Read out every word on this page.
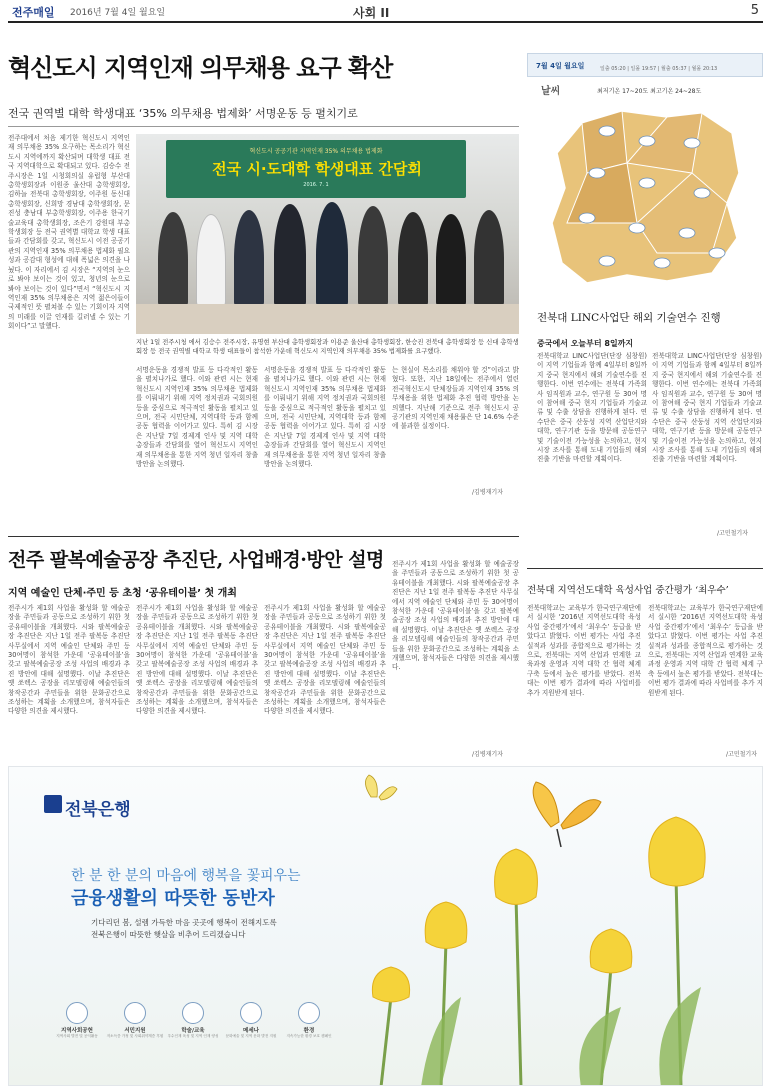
전주매일 2016년 7월 4일 월요일	사회 II	5
혁신도시 지역인재 의무채용 요구 확산
전국 권역별 대학 학생대표 ‘35% 의무채용 법제화’ 서명운동 등 펼치기로
전주대에서 처음 제기한 혁신도시 지역인재 의무채용 35% 요구하는 목소리가 혁신도시 지역에까지 확산되며 대학생 대표 전국 지역대학으로 확대되고 있다. 김승수 전주시장은 1일 시청회의실 유럽형 부산대 총학생회장과 이원종 울산대 총학생회장, 김하늘 전북대 총학생회장, 이주원 동신대 총학생회장, 신희망 경남대 총학생회장, 문진성 충남대 부총학생회장, 이주용 한국기술교육대 총학생회장, 조은기 강원대 부총학생회장 등 전국 권역별 대학교 학생 대표들과 간담회를 갖고, 혁신도시 이전 공공기관의 지역인재 35% 의무채용 법제화 필요성과 공감대 형성에 대해 폭넓은 의견을 나눴다. 이 자리에서 김 시장은 “지역의 눈으로 봐야 보이는 것이 있고, 청년의 눈으로 봐야 보이는 것이 있다”면서 “혁신도시 지역인재 35% 의무채용은 지역 젊은이들이 국제적인 뜻 펼쳐볼 수 있는 기회이자 지역의 미래를 이끌 인재를 길러낼 수 있는 기회이다”고 말했다.
혁신도시 공공기관 지역인재 35% 의무채용 법제화
전국 시·도대학 학생대표 간담회
2016. 7. 1
지난 1일 전주시청 에서 김승수 전주시장, 유명현 부산대 총학생회장과 이용준 울산대 총학생회장, 한승진 전북대 총학생회장 등 신대 총학생회장 등 전국 권역별 대학교 학생 대표들이 참석한 가운데 혁신도시 지역인재 의무채용 35% 법제화를 요구했다.
서명운동을 경쟁적 발표 등 다각적인 활동을 펼치나가로 했다. 이와 관련 시는 현재 혁신도시 지역인재 35% 의무채용 법제화를 이뤄내기 위해 지역 정치권과 국회의원 등을 중심으로 적극적인 활동을 펼치고 있으며, 전국 시민단체, 지역대학 등과 함께 공동 협력을 이어가고 있다. 특히 김 시장은 지난달 7일 경제계 인사 및 지역 대학 총장들과 간담회를 열어 혁신도시 지역인재 의무채용을 통한 지역 청년 일자리 창출 방안을 논의했다.
서명운동을 경쟁적 발표 등 다각적인 활동을 펼치나가로 했다. 이와 관련 시는 현재 혁신도시 지역인재 35% 의무채용 법제화를 이뤄내기 위해 지역 정치권과 국회의원 등을 중심으로 적극적인 활동을 펼치고 있으며, 전국 시민단체, 지역대학 등과 함께 공동 협력을 이어가고 있다. 특히 김 시장은 지난달 7일 경제계 인사 및 지역 대학 총장들과 간담회를 열어 혁신도시 지역인재 의무채용을 통한 지역 청년 일자리 창출 방안을 논의했다.
는 현실이 목소리를 채워야 할 것”이라고 밝혔다. 또한, 지난 18일에는 전주에서 열린 전국혁신도시 단체장들과 지역인재 35% 의무채용을 위한 법제화 추진 협력 방안을 논의했다. 지난해 기준으로 전주 혁신도시 공공기관의 지역인재 채용률은 단 14.6% 수준에 불과한 실정이다.
/김병재기자
7월 4일 월요일	일출 05:20 | 일몰 19:57 | 월출 05:37 | 월몰 20:13
날씨	최저기온 17~20도 최고기온 24~28도
전북대 LINC사업단 해외 기술연수 진행
중국에서 오늘부터 8일까지
전북대학교 LINC사업단(단장 심창원)이 지역 기업들과 함께 4일부터 8일까지 중국 현지에서 해외 기술연수를 진행한다. 이번 연수에는 전북대 가족회사 임직원과 교수, 연구원 등 30여 명이 참여해 중국 현지 기업들과 기술교류 및 수출 상담을 진행하게 된다. 연수단은 중국 산둥성 지역 산업단지와 대학, 연구기관 등을 방문해 공동연구 및 기술이전 가능성을 논의하고, 현지 시장 조사를 통해 도내 기업들의 해외 진출 기반을 마련할 계획이다.
전북대학교 LINC사업단(단장 심창원)이 지역 기업들과 함께 4일부터 8일까지 중국 현지에서 해외 기술연수를 진행한다. 이번 연수에는 전북대 가족회사 임직원과 교수, 연구원 등 30여 명이 참여해 중국 현지 기업들과 기술교류 및 수출 상담을 진행하게 된다. 연수단은 중국 산둥성 지역 산업단지와 대학, 연구기관 등을 방문해 공동연구 및 기술이전 가능성을 논의하고, 현지 시장 조사를 통해 도내 기업들의 해외 진출 기반을 마련할 계획이다.
/고민철기자
전주 팔복예술공장 추진단, 사업배경·방안 설명
지역 예술인 단체·주민 등 초청 ‘공유테이블’ 첫 개최
전주시가 제1회 사업을 활성화 할 예술공장을 주민들과 공동으로 조성하기 위한 첫 공유테이블을 개최했다. 시와 팔복예술공장 추진단은 지난 1일 전주 팔복동 추진단 사무실에서 지역 예술인 단체와 주민 등 30여명이 참석한 가운데 ‘공유테이블’을 갖고 팔복예술공장 조성 사업의 배경과 추진 방안에 대해 설명했다. 이날 추진단은 옛 쏘렉스 공장을 리모델링해 예술인들의 창작공간과 주민들을 위한 문화공간으로 조성하는 계획을 소개했으며, 참석자들은 다양한 의견을 제시했다.
전주시가 제1회 사업을 활성화 할 예술공장을 주민들과 공동으로 조성하기 위한 첫 공유테이블을 개최했다. 시와 팔복예술공장 추진단은 지난 1일 전주 팔복동 추진단 사무실에서 지역 예술인 단체와 주민 등 30여명이 참석한 가운데 ‘공유테이블’을 갖고 팔복예술공장 조성 사업의 배경과 추진 방안에 대해 설명했다. 이날 추진단은 옛 쏘렉스 공장을 리모델링해 예술인들의 창작공간과 주민들을 위한 문화공간으로 조성하는 계획을 소개했으며, 참석자들은 다양한 의견을 제시했다.
전주시가 제1회 사업을 활성화 할 예술공장을 주민들과 공동으로 조성하기 위한 첫 공유테이블을 개최했다. 시와 팔복예술공장 추진단은 지난 1일 전주 팔복동 추진단 사무실에서 지역 예술인 단체와 주민 등 30여명이 참석한 가운데 ‘공유테이블’을 갖고 팔복예술공장 조성 사업의 배경과 추진 방안에 대해 설명했다. 이날 추진단은 옛 쏘렉스 공장을 리모델링해 예술인들의 창작공간과 주민들을 위한 문화공간으로 조성하는 계획을 소개했으며, 참석자들은 다양한 의견을 제시했다.
전주시가 제1회 사업을 활성화 할 예술공장을 주민들과 공동으로 조성하기 위한 첫 공유테이블을 개최했다. 시와 팔복예술공장 추진단은 지난 1일 전주 팔복동 추진단 사무실에서 지역 예술인 단체와 주민 등 30여명이 참석한 가운데 ‘공유테이블’을 갖고 팔복예술공장 조성 사업의 배경과 추진 방안에 대해 설명했다. 이날 추진단은 옛 쏘렉스 공장을 리모델링해 예술인들의 창작공간과 주민들을 위한 문화공간으로 조성하는 계획을 소개했으며, 참석자들은 다양한 의견을 제시했다.
/김병재기자
전북대 지역선도대학 육성사업 중간평가 ‘최우수’
전북대학교는 교육부가 한국연구재단에 서 실시한 ‘2016년 지역선도대학 육성사업 중간평가’에서 ‘최우수’ 등급을 받았다고 밝혔다. 이번 평가는 사업 추진 실적과 성과를 종합적으로 평가하는 것으로, 전북대는 지역 산업과 연계한 교육과정 운영과 지역 대학 간 협력 체계 구축 등에서 높은 평가를 받았다. 전북대는 이번 평가 결과에 따라 사업비를 추가 지원받게 된다.
전북대학교는 교육부가 한국연구재단에 서 실시한 ‘2016년 지역선도대학 육성사업 중간평가’에서 ‘최우수’ 등급을 받았다고 밝혔다. 이번 평가는 사업 추진 실적과 성과를 종합적으로 평가하는 것으로, 전북대는 지역 산업과 연계한 교육과정 운영과 지역 대학 간 협력 체계 구축 등에서 높은 평가를 받았다. 전북대는 이번 평가 결과에 따라 사업비를 추가 지원받게 된다.
/고민철기자
전북은행
한 분 한 분의 마음에 행복을 꽃피우는
금융생활의 따뜻한 동반자
기다리던 봄, 설렘 가득한 마음 곳곳에 행복이 전해지도록
전북은행이 따뜻한 햇살을 비추어 드리겠습니다
지역사회공헌
지역사회 발전 및 공익활동
서민지원
저소득층 가정 및 사회취약계층 후원
학술/교육
우수인재 육성 및 지역 인재 양성
메세나
문화예술 및 지역 문화 발전 지원
환경
지속가능한 환경 보호 캠페인
